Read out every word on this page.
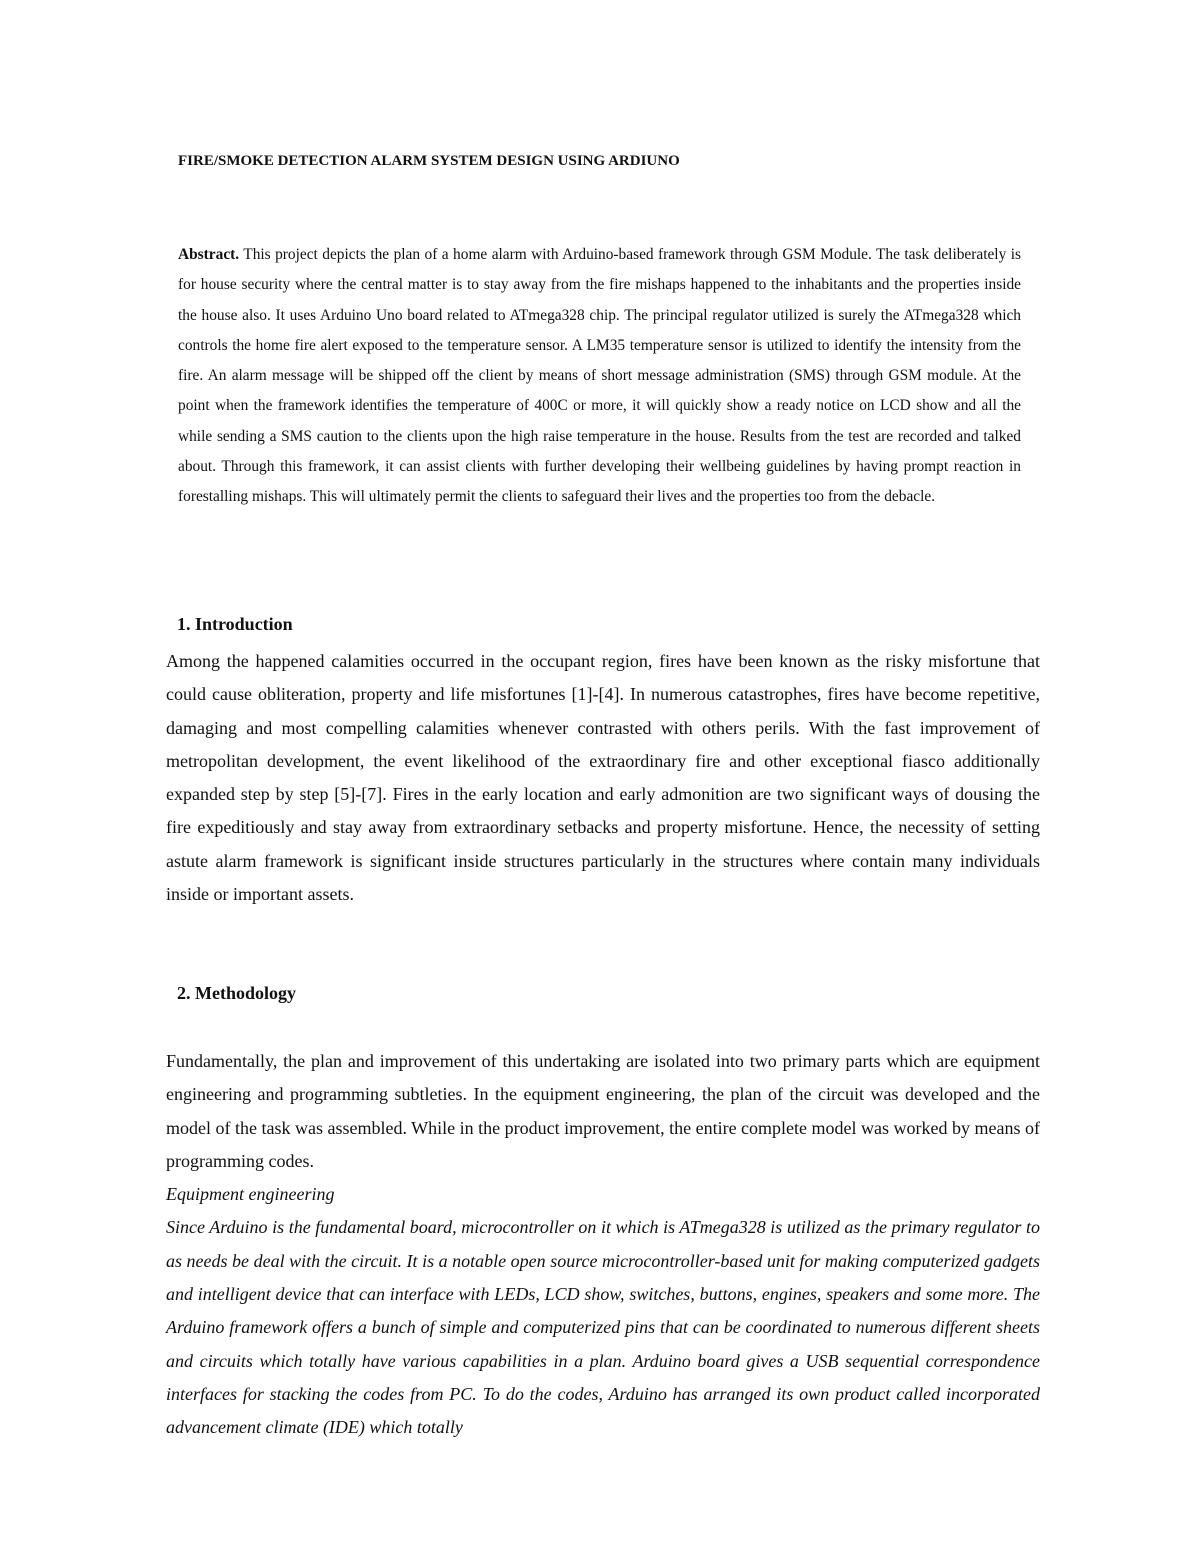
FIRE/SMOKE DETECTION ALARM SYSTEM DESIGN USING ARDIUNO
Abstract. This project depicts the plan of a home alarm with Arduino-based framework through GSM Module. The task deliberately is for house security where the central matter is to stay away from the fire mishaps happened to the inhabitants and the properties inside the house also. It uses Arduino Uno board related to ATmega328 chip. The principal regulator utilized is surely the ATmega328 which controls the home fire alert exposed to the temperature sensor. A LM35 temperature sensor is utilized to identify the intensity from the fire. An alarm message will be shipped off the client by means of short message administration (SMS) through GSM module. At the point when the framework identifies the temperature of 400C or more, it will quickly show a ready notice on LCD show and all the while sending a SMS caution to the clients upon the high raise temperature in the house. Results from the test are recorded and talked about. Through this framework, it can assist clients with further developing their wellbeing guidelines by having prompt reaction in forestalling mishaps. This will ultimately permit the clients to safeguard their lives and the properties too from the debacle.
1. Introduction

Among the happened calamities occurred in the occupant region, fires have been known as the risky misfortune that could cause obliteration, property and life misfortunes [1]-[4]. In numerous catastrophes, fires have become repetitive, damaging and most compelling calamities whenever contrasted with others perils. With the fast improvement of metropolitan development, the event likelihood of the extraordinary fire and other exceptional fiasco additionally expanded step by step [5]-[7]. Fires in the early location and early admonition are two significant ways of dousing the fire expeditiously and stay away from extraordinary setbacks and property misfortune. Hence, the necessity of setting astute alarm framework is significant inside structures particularly in the structures where contain many individuals inside or important assets.

2. Methodology

Fundamentally, the plan and improvement of this undertaking are isolated into two primary parts which are equipment engineering and programming subtleties. In the equipment engineering, the plan of the circuit was developed and the model of the task was assembled. While in the product improvement, the entire complete model was worked by means of programming codes.

Equipment engineering

Since Arduino is the fundamental board, microcontroller on it which is ATmega328 is utilized as the primary regulator to as needs be deal with the circuit. It is a notable open source microcontroller-based unit for making computerized gadgets and intelligent device that can interface with LEDs, LCD show, switches, buttons, engines, speakers and some more. The Arduino framework offers a bunch of simple and computerized pins that can be coordinated to numerous different sheets and circuits which totally have various capabilities in a plan. Arduino board gives a USB sequential correspondence interfaces for stacking the codes from PC. To do the codes, Arduino has arranged its own product called incorporated advancement climate (IDE) which totally
